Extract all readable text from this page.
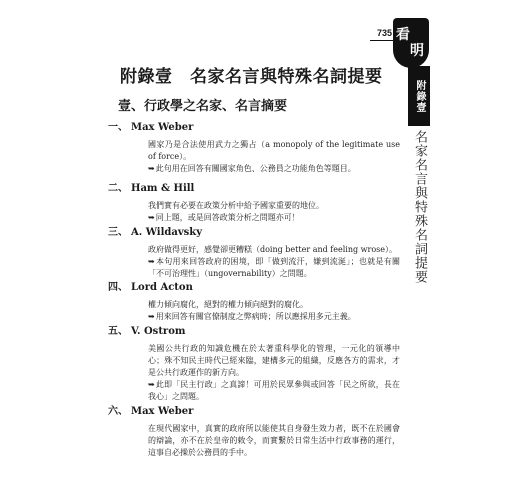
735 看
明
附錄壹
名家名言與特殊名詞提要
附錄壹　名家名言與特殊名詞提要
壹、行政學之名家、名言摘要
一、 Max Weber

國家乃是合法使用武力之獨占（a monopoly of the legitimate use of force）。

➥ 此句用在回答有關國家角色、公務員之功能角色等題目。
二、 Ham & Hill

我們實有必要在政策分析中給予國家重要的地位。

➥ 同上題，或是回答政策分析之問題亦可！
三、 A. Wildavsky

政府做得更好，感覺卻更糟糕（doing better and feeling wrose）。

➥ 本句用來回答政府的困境，即「做到流汗，嫌到流涎」；也就是有關「不可治理性」（ungovernability）之問題。
四、 Lord Acton

權力傾向腐化，絕對的權力傾向絕對的腐化。

➥ 用來回答有關官僚制度之弊病時；所以應採用多元主義。
五、 V. Ostrom

美國公共行政的知識危機在於太著重科學化的管理，一元化的領導中心；殊不知民主時代已經來臨，建構多元的組織，反應各方的需求，才是公共行政運作的新方向。

➥ 此即「民主行政」之真諦！可用於民眾參與或回答「民之所欲，長在我心」之問題。
六、 Max Weber

在現代國家中，真實的政府所以能使其自身發生效力者，既不在於國會的辯論，亦不在於皇帝的敕令，而實繫於日常生活中行政事務的運行，這事自必操於公務員的手中。
